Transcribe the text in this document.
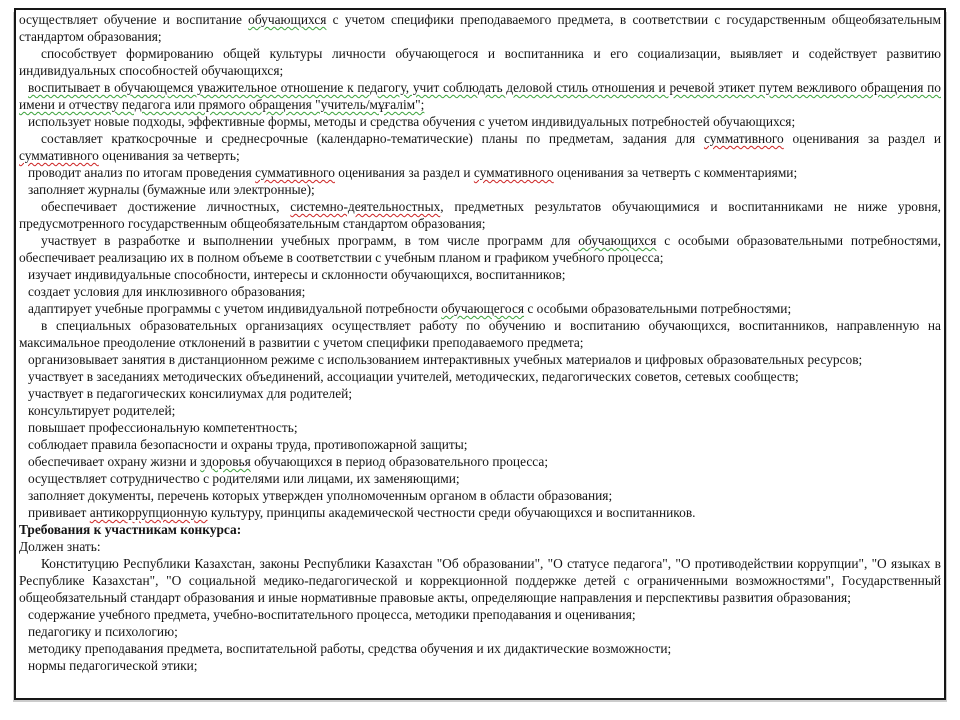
осуществляет обучение и воспитание обучающихся с учетом специфики преподаваемого предмета, в соответствии с государственным общеобязательным стандартом образования;

способствует формированию общей культуры личности обучающегося и воспитанника и его социализации, выявляет и содействует развитию индивидуальных способностей обучающихся;

воспитывает в обучающемся уважительное отношение к педагогу, учит соблюдать деловой стиль отношения и речевой этикет путем вежливого обращения по имени и отчеству педагога или прямого обращения "учитель/мұғалім";

использует новые подходы, эффективные формы, методы и средства обучения с учетом индивидуальных потребностей обучающихся;

составляет краткосрочные и среднесрочные (календарно-тематические) планы по предметам, задания для суммативного оценивания за раздел и суммативного оценивания за четверть;

проводит анализ по итогам проведения суммативного оценивания за раздел и суммативного оценивания за четверть с комментариями;

заполняет журналы (бумажные или электронные);

обеспечивает достижение личностных, системно-деятельностных, предметных результатов обучающимися и воспитанниками не ниже уровня, предусмотренного государственным общеобязательным стандартом образования;

участвует в разработке и выполнении учебных программ, в том числе программ для обучающихся с особыми образовательными потребностями, обеспечивает реализацию их в полном объеме в соответствии с учебным планом и графиком учебного процесса;

изучает индивидуальные способности, интересы и склонности обучающихся, воспитанников;

создает условия для инклюзивного образования;

адаптирует учебные программы с учетом индивидуальной потребности обучающегося с особыми образовательными потребностями;

в специальных образовательных организациях осуществляет работу по обучению и воспитанию обучающихся, воспитанников, направленную на максимальное преодоление отклонений в развитии с учетом специфики преподаваемого предмета;

организовывает занятия в дистанционном режиме с использованием интерактивных учебных материалов и цифровых образовательных ресурсов;

участвует в заседаниях методических объединений, ассоциации учителей, методических, педагогических советов, сетевых сообществ;

участвует в педагогических консилиумах для родителей;

консультирует родителей;

повышает профессиональную компетентность;

соблюдает правила безопасности и охраны труда, противопожарной защиты;

обеспечивает охрану жизни и здоровья обучающихся в период образовательного процесса;

осуществляет сотрудничество с родителями или лицами, их заменяющими;

заполняет документы, перечень которых утвержден уполномоченным органом в области образования;

прививает антикоррупционную культуру, принципы академической честности среди обучающихся и воспитанников.

Требования к участникам конкурса:

Должен знать:

Конституцию Республики Казахстан, законы Республики Казахстан "Об образовании", "О статусе педагога", "О противодействии коррупции", "О языках в Республике Казахстан", "О социальной медико-педагогической и коррекционной поддержке детей с ограниченными возможностями", Государственный общеобязательный стандарт образования и иные нормативные правовые акты, определяющие направления и перспективы развития образования;

содержание учебного предмета, учебно-воспитательного процесса, методики преподавания и оценивания;

педагогику и психологию;

методику преподавания предмета, воспитательной работы, средства обучения и их дидактические возможности;

нормы педагогической этики;
